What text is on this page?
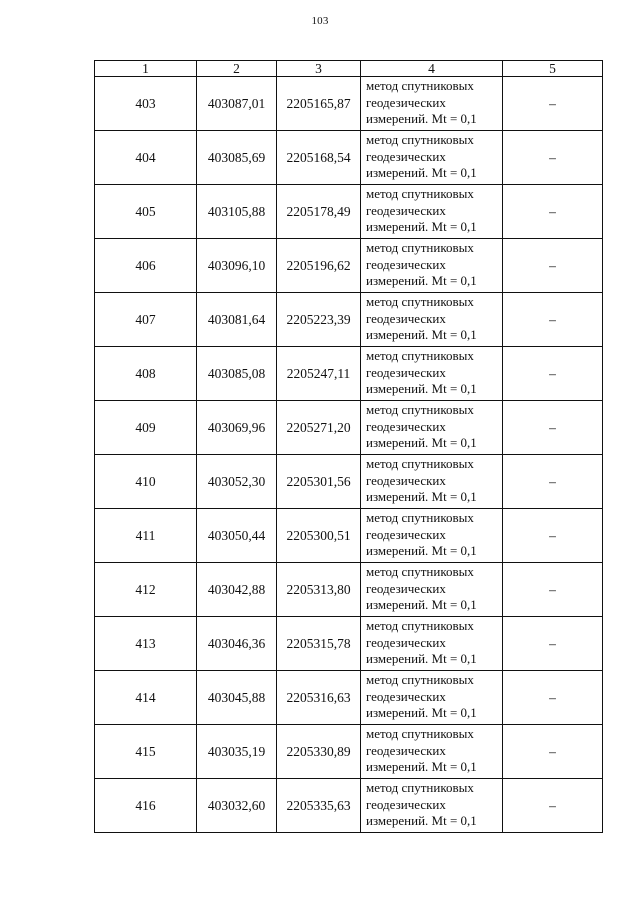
103
1	2	3	4	5
403	403087,01	2205165,87	метод спутниковых
геодезических
измерений. Mt = 0,1	–
404	403085,69	2205168,54	метод спутниковых
геодезических
измерений. Mt = 0,1	–
405	403105,88	2205178,49	метод спутниковых
геодезических
измерений. Mt = 0,1	–
406	403096,10	2205196,62	метод спутниковых
геодезических
измерений. Mt = 0,1	–
407	403081,64	2205223,39	метод спутниковых
геодезических
измерений. Mt = 0,1	–
408	403085,08	2205247,11	метод спутниковых
геодезических
измерений. Mt = 0,1	–
409	403069,96	2205271,20	метод спутниковых
геодезических
измерений. Mt = 0,1	–
410	403052,30	2205301,56	метод спутниковых
геодезических
измерений. Mt = 0,1	–
411	403050,44	2205300,51	метод спутниковых
геодезических
измерений. Mt = 0,1	–
412	403042,88	2205313,80	метод спутниковых
геодезических
измерений. Mt = 0,1	–
413	403046,36	2205315,78	метод спутниковых
геодезических
измерений. Mt = 0,1	–
414	403045,88	2205316,63	метод спутниковых
геодезических
измерений. Mt = 0,1	–
415	403035,19	2205330,89	метод спутниковых
геодезических
измерений. Mt = 0,1	–
416	403032,60	2205335,63	метод спутниковых
геодезических
измерений. Mt = 0,1	–
